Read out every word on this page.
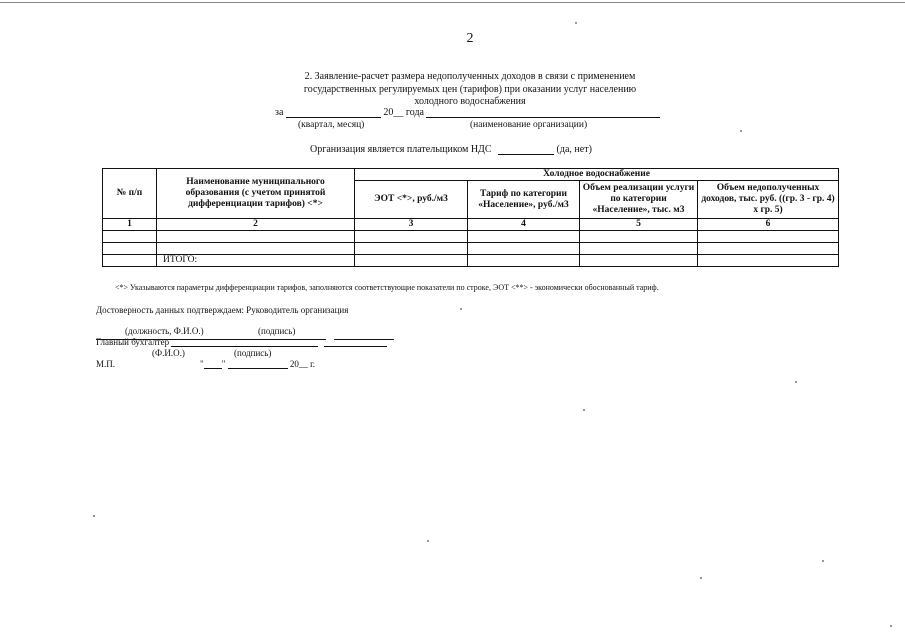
2
2. Заявление-расчет размера недополученных доходов в связи с применением
государственных регулируемых цен (тарифов) при оказании услуг населению
холодного водоснабжения
за	20__ года
(квартал, месяц)	(наименование организации)
Организация является плательщиком НДС	(да, нет)
№ п/п	Наименование муниципального образования (с учетом принятой дифференциации тарифов) <*>	Холодное водоснабжение			
		ЭОТ <*>, руб./м3	Тариф по категории «Население», руб./м3	Объем реализации услуги по категории «Население», тыс. м3	Объем недополученных доходов, тыс. руб. ((гр. 3 - гр. 4) x гр. 5)
1	2	3	4	5	6

	ИТОГО:				
<*> Указываются параметры дифференциации тарифов, заполняются соответствующие показатели по строке, ЭОТ <**> - экономически обоснованный тариф.
Достоверность данных подтверждаем: Руководитель организация

(должность, Ф.И.О.)	(подпись)
Главный бухгалтер
(Ф.И.О.)	(подпись)
М.П.	" "	20__ г.
